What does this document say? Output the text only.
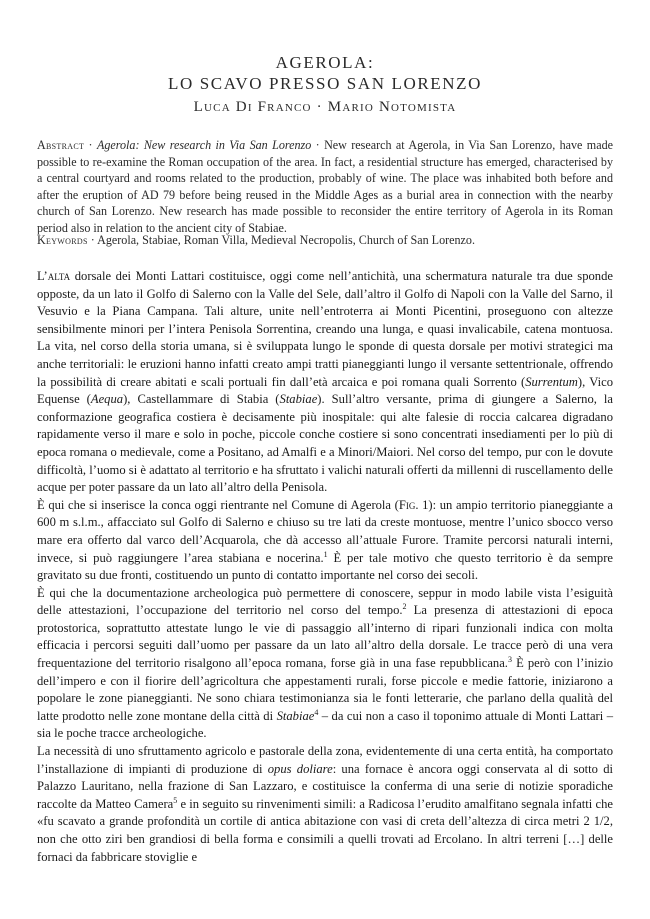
AGEROLA:
LO SCAVO PRESSO SAN LORENZO
Luca Di Franco · Mario Notomista
Abstract · Agerola: New research in Via San Lorenzo · New research at Agerola, in Via San Lorenzo, have made possible to re-examine the Roman occupation of the area. In fact, a residential structure has emerged, characterised by a central courtyard and rooms related to the production, probably of wine. The place was inhabited both before and after the eruption of AD 79 before being reused in the Middle Ages as a burial area in connection with the nearby church of San Lorenzo. New research has made possible to reconsider the entire territory of Agerola in its Roman period also in relation to the ancient city of Stabiae.
Keywords · Agerola, Stabiae, Roman Villa, Medieval Necropolis, Church of San Lorenzo.

L’alta dorsale dei Monti Lattari costituisce, oggi come nell’antichità, una schermatura naturale tra due sponde opposte, da un lato il Golfo di Salerno con la Valle del Sele, dall’altro il Golfo di Napoli con la Valle del Sarno, il Vesuvio e la Piana Campana. Tali alture, unite nell’entroterra ai Monti Picentini, proseguono con altezze sensibilmente minori per l’intera Penisola Sorrentina, creando una lunga, e quasi invalicabile, catena montuosa. La vita, nel corso della storia umana, si è sviluppata lungo le sponde di questa dorsale per motivi strategici ma anche territoriali: le eruzioni hanno infatti creato ampi tratti pianeggianti lungo il versante settentrionale, offrendo la possibilità di creare abitati e scali portuali fin dall’età arcaica e poi romana quali Sorrento (Surrentum), Vico Equense (Aequa), Castellammare di Stabia (Stabiae). Sull’altro versante, prima di giungere a Salerno, la conformazione geografica costiera è decisamente più inospitale: qui alte falesie di roccia calcarea digradano rapidamente verso il mare e solo in poche, piccole conche costiere si sono concentrati insediamenti per lo più di epoca romana o medievale, come a Positano, ad Amalfi e a Minori/Maiori. Nel corso del tempo, pur con le dovute difficoltà, l’uomo si è adattato al territorio e ha sfruttato i valichi naturali offerti da millenni di ruscellamento delle acque per poter passare da un lato all’altro della Penisola.

È qui che si inserisce la conca oggi rientrante nel Comune di Agerola (Fig. 1): un ampio territorio pianeggiante a 600 m s.l.m., affacciato sul Golfo di Salerno e chiuso su tre lati da creste montuose, mentre l’unico sbocco verso mare era offerto dal varco dell’Acquarola, che dà accesso all’attuale Furore. Tramite percorsi naturali interni, invece, si può raggiungere l’area stabiana e nocerina.$^1$ È per tale motivo che questo territorio è da sempre gravitato su due fronti, costituendo un punto di contatto importante nel corso dei secoli.

È qui che la documentazione archeologica può permettere di conoscere, seppur in modo labile vista l’esiguità delle attestazioni, l’occupazione del territorio nel corso del tempo.$^2$ La presenza di attestazioni di epoca protostorica, soprattutto attestate lungo le vie di passaggio all’interno di ripari funzionali indica con molta efficacia i percorsi seguiti dall’uomo per passare da un lato all’altro della dorsale. Le tracce però di una vera frequentazione del territorio risalgono all’epoca romana, forse già in una fase repubblicana.$^3$ È però con l’inizio dell’impero e con il fiorire dell’agricoltura che appestamenti rurali, forse piccole e medie fattorie, iniziarono a popolare le zone pianeggianti. Ne sono chiara testimonianza sia le fonti letterarie, che parlano della qualità del latte prodotto nelle zone montane della città di Stabiae$^4$ – da cui non a caso il toponimo attuale di Monti Lattari – sia le poche tracce archeologiche.

La necessità di uno sfruttamento agricolo e pastorale della zona, evidentemente di una certa entità, ha comportato l’installazione di impianti di produzione di opus doliare: una fornace è ancora oggi conservata al di sotto di Palazzo Lauritano, nella frazione di San Lazzaro, e costituisce la conferma di una serie di notizie sporadiche raccolte da Matteo Camera$^5$ e in seguito su rinvenimenti simili: a Radicosa l’erudito amalfitano segnala infatti che «fu scavato a grande profondità un cortile di antica abitazione con vasi di creta dell’altezza di circa metri 2 1/2, non che otto ziri ben grandiosi di bella forma e consimili a quelli trovati ad Ercolano. In altri terreni […] delle fornaci da fabbricare stoviglie e
